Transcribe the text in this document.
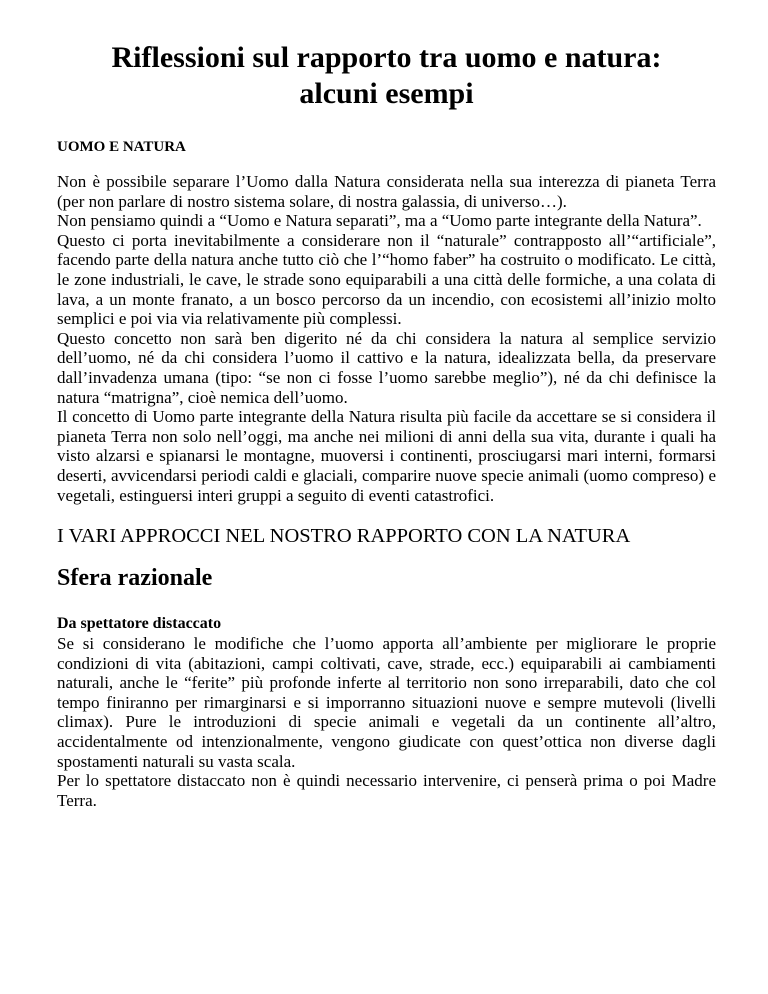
Riflessioni sul rapporto tra uomo e natura:
alcuni esempi
UOMO E NATURA

Non è possibile separare l’Uomo dalla Natura considerata nella sua interezza di pianeta Terra (per non parlare di nostro sistema solare, di nostra galassia, di universo…).

Non pensiamo quindi a “Uomo e Natura separati”, ma a “Uomo parte integrante della Natura”.

Questo ci porta inevitabilmente a considerare non il “naturale” contrapposto all’“artificiale”, facendo parte della natura anche tutto ciò che l’“homo faber” ha costruito o modificato. Le città, le zone industriali, le cave, le strade sono equiparabili a una città delle formiche, a una colata di lava, a un monte franato, a un bosco percorso da un incendio, con ecosistemi all’inizio molto semplici e poi via via relativamente più complessi.

Questo concetto non sarà ben digerito né da chi considera la natura al semplice servizio dell’uomo, né da chi considera l’uomo il cattivo e la natura, idealizzata bella, da preservare dall’invadenza umana (tipo: “se non ci fosse l’uomo sarebbe meglio”), né da chi definisce la natura “matrigna”, cioè nemica dell’uomo.

Il concetto di Uomo parte integrante della Natura risulta più facile da accettare se si considera il pianeta Terra non solo nell’oggi, ma anche nei milioni di anni della sua vita, durante i quali ha visto alzarsi e spianarsi le montagne, muoversi i continenti, prosciugarsi mari interni, formarsi deserti, avvicendarsi periodi caldi e glaciali, comparire nuove specie animali (uomo compreso) e vegetali, estinguersi interi gruppi a seguito di eventi catastrofici.

I VARI APPROCCI NEL NOSTRO RAPPORTO CON LA NATURA
Sfera razionale
Da spettatore distaccato

Se si considerano le modifiche che l’uomo apporta all’ambiente per migliorare le proprie condizioni di vita (abitazioni, campi coltivati, cave, strade, ecc.) equiparabili ai cambiamenti naturali, anche le “ferite” più profonde inferte al territorio non sono irreparabili, dato che col tempo finiranno per rimarginarsi e si imporranno situazioni nuove e sempre mutevoli (livelli climax). Pure le introduzioni di specie animali e vegetali da un continente all’altro, accidentalmente od intenzionalmente, vengono giudicate con quest’ottica non diverse dagli spostamenti naturali su vasta scala.

Per lo spettatore distaccato non è quindi necessario intervenire, ci penserà prima o poi Madre Terra.
